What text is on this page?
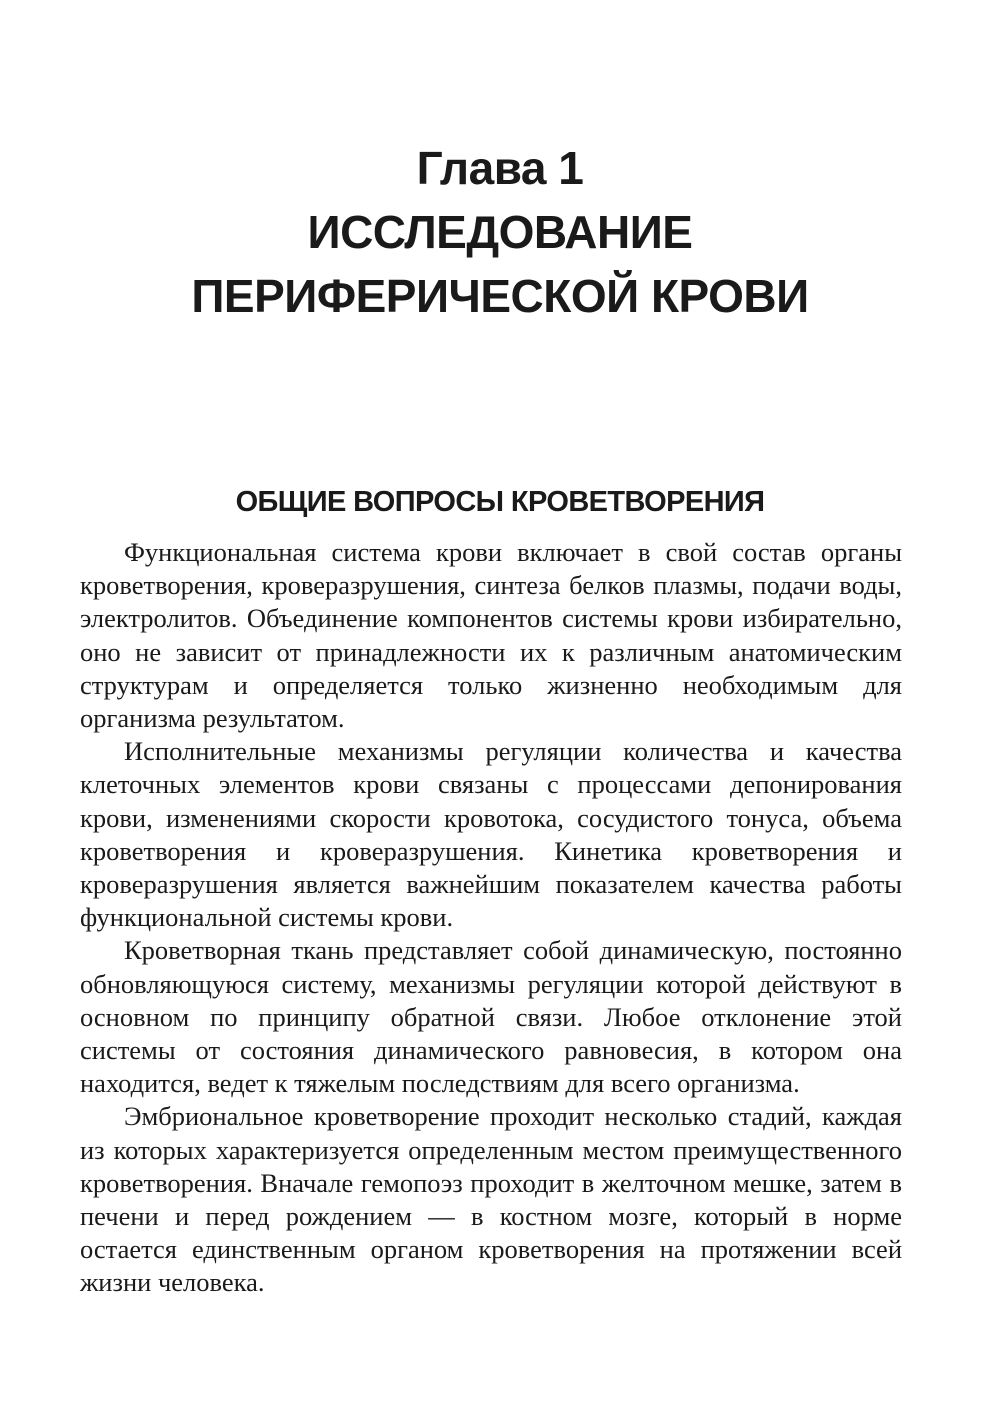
Глава 1
ИССЛЕДОВАНИЕ ПЕРИФЕРИЧЕСКОЙ КРОВИ
ОБЩИЕ ВОПРОСЫ КРОВЕТВОРЕНИЯ

Функциональная система крови включает в свой состав органы кроветворения, кроверазрушения, синтеза белков плазмы, подачи воды, электролитов. Объединение компонентов системы крови избирательно, оно не зависит от принадлежности их к различным анатомическим структурам и определяется только жизненно необходимым для организма результатом.

Исполнительные механизмы регуляции количества и качества клеточных элементов крови связаны с процессами депонирования крови, изменениями скорости кровотока, сосудистого тонуса, объема кроветворения и кроверазрушения. Кинетика кроветворения и кроверазрушения является важнейшим показателем качества работы функциональной системы крови.

Кроветворная ткань представляет собой динамическую, постоянно обновляющуюся систему, механизмы регуляции которой действуют в основном по принципу обратной связи. Любое отклонение этой системы от состояния динамического равновесия, в котором она находится, ведет к тяжелым последствиям для всего организма.

Эмбриональное кроветворение проходит несколько стадий, каждая из которых характеризуется определенным местом преимущественного кроветворения. Вначале гемопоэз проходит в желточном мешке, затем в печени и перед рождением — в костном мозге, который в норме остается единственным органом кроветворения на протяжении всей жизни человека.
